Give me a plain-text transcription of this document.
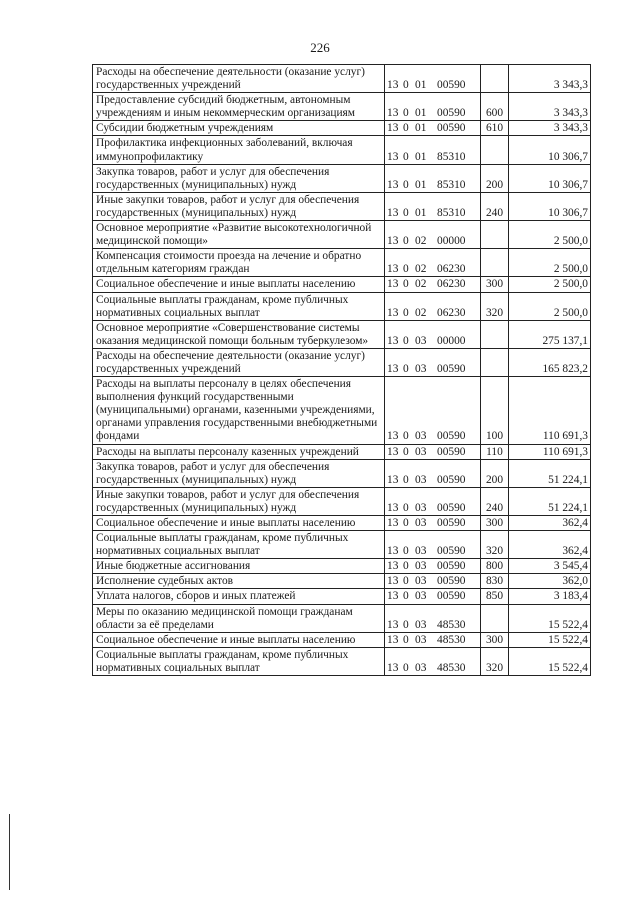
226
Расходы на обеспечение деятельности (оказание услуг) государственных учреждений	13 0 01 00590		3 343,3
Предоставление субсидий бюджетным, автономным учреждениям и иным некоммерческим организациям	13 0 01 00590	600	3 343,3
Субсидии бюджетным учреждениям	13 0 01 00590	610	3 343,3
Профилактика инфекционных заболеваний, включая иммунопрофилактику	13 0 01 85310		10 306,7
Закупка товаров, работ и услуг для обеспечения государственных (муниципальных) нужд	13 0 01 85310	200	10 306,7
Иные закупки товаров, работ и услуг для обеспечения государственных (муниципальных) нужд	13 0 01 85310	240	10 306,7
Основное мероприятие «Развитие высокотехнологичной медицинской помощи»	13 0 02 00000		2 500,0
Компенсация стоимости проезда на лечение и обратно отдельным категориям граждан	13 0 02 06230		2 500,0
Социальное обеспечение и иные выплаты населению	13 0 02 06230	300	2 500,0
Социальные выплаты гражданам, кроме публичных нормативных социальных выплат	13 0 02 06230	320	2 500,0
Основное мероприятие «Совершенствование системы оказания медицинской помощи больным туберкулезом»	13 0 03 00000		275 137,1
Расходы на обеспечение деятельности (оказание услуг) государственных учреждений	13 0 03 00590		165 823,2
Расходы на выплаты персоналу в целях обеспечения выполнения функций государственными (муниципальными) органами, казенными учреждениями, органами управления государственными внебюджетными фондами	13 0 03 00590	100	110 691,3
Расходы на выплаты персоналу казенных учреждений	13 0 03 00590	110	110 691,3
Закупка товаров, работ и услуг для обеспечения государственных (муниципальных) нужд	13 0 03 00590	200	51 224,1
Иные закупки товаров, работ и услуг для обеспечения государственных (муниципальных) нужд	13 0 03 00590	240	51 224,1
Социальное обеспечение и иные выплаты населению	13 0 03 00590	300	362,4
Социальные выплаты гражданам, кроме публичных нормативных социальных выплат	13 0 03 00590	320	362,4
Иные бюджетные ассигнования	13 0 03 00590	800	3 545,4
Исполнение судебных актов	13 0 03 00590	830	362,0
Уплата налогов, сборов и иных платежей	13 0 03 00590	850	3 183,4
Меры по оказанию медицинской помощи гражданам области за её пределами	13 0 03 48530		15 522,4
Социальное обеспечение и иные выплаты населению	13 0 03 48530	300	15 522,4
Социальные выплаты гражданам, кроме публичных нормативных социальных выплат	13 0 03 48530	320	15 522,4
